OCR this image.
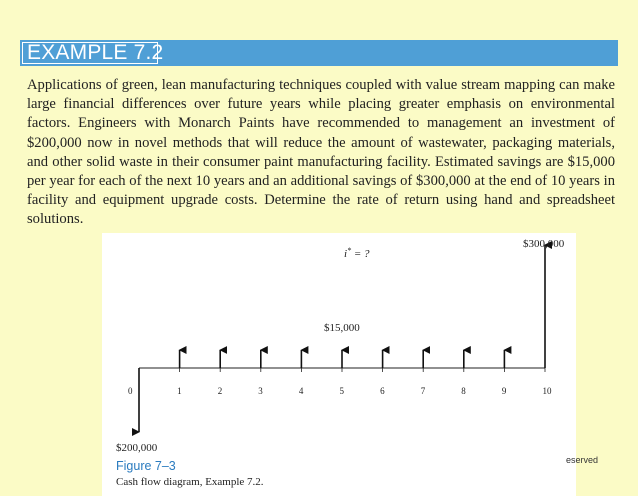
EXAMPLE 7.2

Applications of green, lean manufacturing techniques coupled with value stream mapping can make large financial differences over future years while placing greater emphasis on environmental factors. Engineers with Monarch Paints have recommended to management an investment of $200,000 now in novel methods that will reduce the amount of wastewater, packaging materials, and other solid waste in their consumer paint manufacturing facility. Estimated savings are $15,000 per year for each of the next 10 years and an additional savings of $300,000 at the end of 10 years in facility and equipment upgrade costs. Determine the rate of return using hand and spreadsheet solutions.

0	1	2	3	4	5	6	7	8	9	10
i* = ?
$15,000
$300,000
$200,000
Figure 7–3
Cash flow diagram, Example 7.2.
eserved
